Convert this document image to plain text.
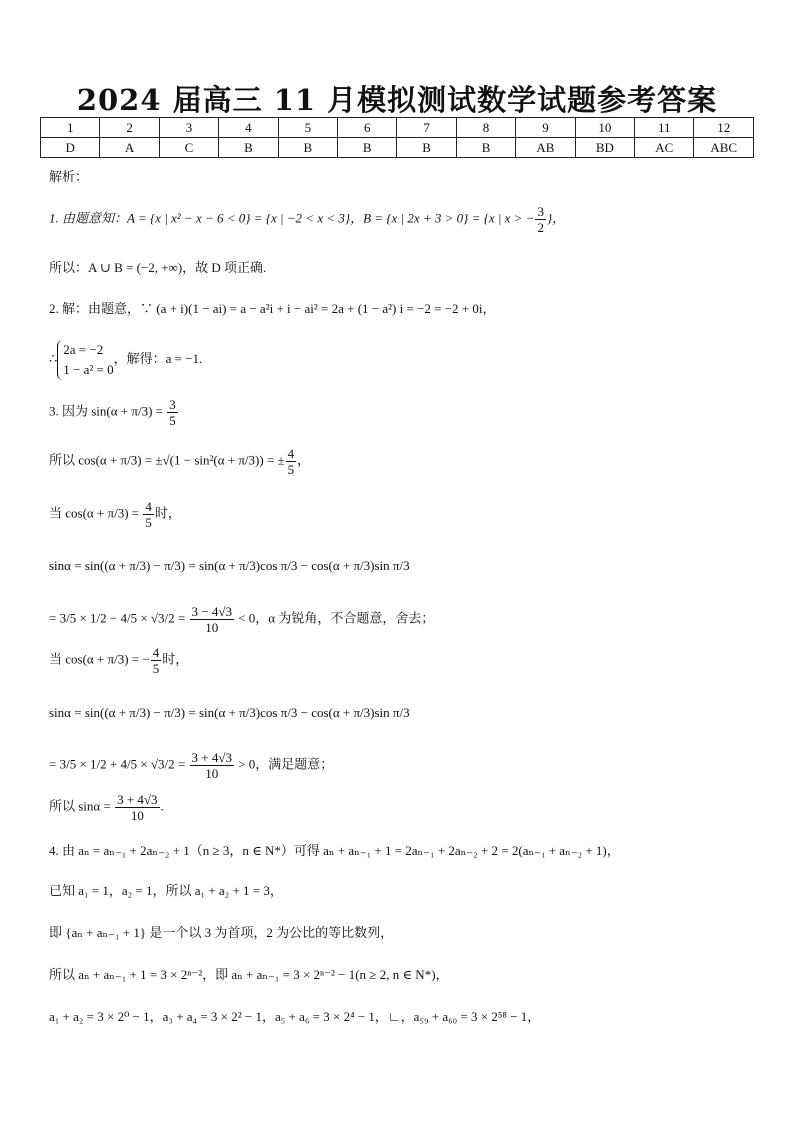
2024 届高三 11 月模拟测试数学试题参考答案
1	2	3	4	5	6	7	8	9	10	11	12
D	A	C	B	B	B	B	B	AB	BD	AC	ABC
解析：
1. 由题意知：A = {x | x² − x − 6 < 0} = {x | −2 < x < 3}，B = {x | 2x + 3 > 0} = {x | x > − $\frac{3}{2}$ }，
所以：A ∪ B = (−2, +∞)，故 D 项正确.
2. 解：由题意，∵ (a + i)(1 − ai) = a − a²i + i − ai² = 2a + (1 − a²) i = −2 = −2 + 0i，
∴
2a = −2
1 − a² = 0
，解得：a = −1.
3. 因为 $\sin(\alpha + \pi/3) = \frac{3}{5}$
所以 cos(α + π/3) = ±√(1 − sin²(α + π/3)) = ± $\frac{4}{5}$ ，
当 $\cos(\alpha + \pi/3) = \frac{4}{5}$ 时，
sinα = sin((α + π/3) − π/3) = sin(α + π/3)cos π/3 − cos(α + π/3)sin π/3
= $3/5 \times 1/2 - 4/5 \times √3/2 = \frac{3 - 4√3}{10} < 0$，α 为锐角，不合题意，舍去；
当 cos(α + π/3) = − $\frac{4}{5}$ 时，
sinα = sin((α + π/3) − π/3) = sin(α + π/3)cos π/3 − cos(α + π/3)sin π/3
= $3/5 \times 1/2 + 4/5 \times √3/2 = \frac{3 + 4√3}{10} > 0$，满足题意；
所以 $\sin\alpha = \frac{3 + 4√3}{10}$ .
4. 由 aₙ = aₙ₋₁ + 2aₙ₋₂ + 1（n ≥ 3，n ∈ N*）可得 aₙ + aₙ₋₁ + 1 = 2aₙ₋₁ + 2aₙ₋₂ + 2 = 2(aₙ₋₁ + aₙ₋₂ + 1)，
已知 a₁ = 1，a₂ = 1，所以 a₁ + a₂ + 1 = 3，
即 {aₙ + aₙ₋₁ + 1} 是一个以 3 为首项，2 为公比的等比数列，
所以 aₙ + aₙ₋₁ + 1 = 3 × 2ⁿ⁻²，即 aₙ + aₙ₋₁ = 3 × 2ⁿ⁻² − 1(n ≥ 2, n ∈ N*)，
a₁ + a₂ = 3 × 2⁰ − 1，a₃ + a₄ = 3 × 2² − 1，a₅ + a₆ = 3 × 2⁴ − 1，∟，a₅₉ + a₆₀ = 3 × 2⁵⁸ − 1，
